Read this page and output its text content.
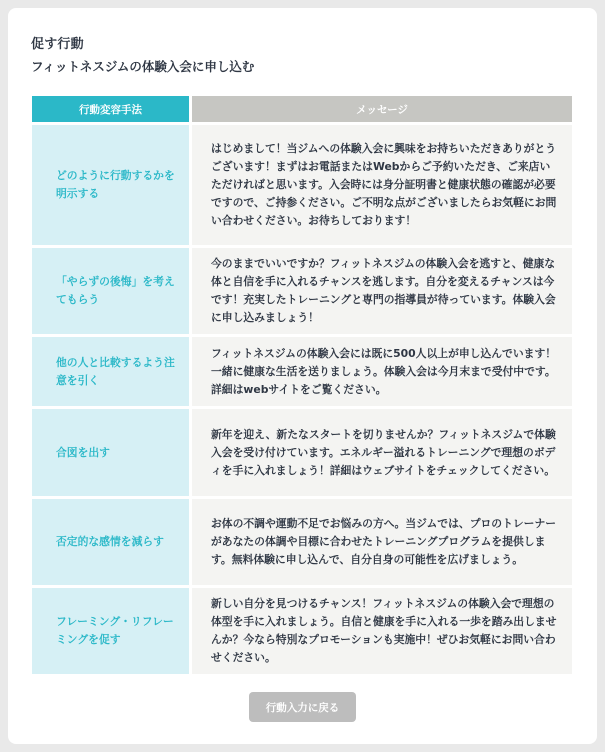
促す行動
フィットネスジムの体験入会に申し込む
行動変容手法	メッセージ
どのように行動するかを明示する	はじめまして！当ジムへの体験入会に興味をお持ちいただきありがとうございます！まずはお電話またはWebからご予約いただき、ご来店いただければと思います。入会時には身分証明書と健康状態の確認が必要ですので、ご持参ください。ご不明な点がございましたらお気軽にお問い合わせください。お待ちしております！
「やらずの後悔」を考えてもらう	今のままでいいですか？フィットネスジムの体験入会を逃すと、健康な体と自信を手に入れるチャンスを逃します。自分を変えるチャンスは今です！充実したトレーニングと専門の指導員が待っています。体験入会に申し込みましょう！
他の人と比較するよう注意を引く	フィットネスジムの体験入会には既に500人以上が申し込んでいます！一緒に健康な生活を送りましょう。体験入会は今月末まで受付中です。詳細はwebサイトをご覧ください。
合図を出す	新年を迎え、新たなスタートを切りませんか？フィットネスジムで体験入会を受け付けています。エネルギー溢れるトレーニングで理想のボディを手に入れましょう！詳細はウェブサイトをチェックしてください。
否定的な感情を減らす	お体の不調や運動不足でお悩みの方へ。当ジムでは、プロのトレーナーがあなたの体調や目標に合わせたトレーニングプログラムを提供します。無料体験に申し込んで、自分自身の可能性を広げましょう。
フレーミング・リフレーミングを促す	新しい自分を見つけるチャンス！フィットネスジムの体験入会で理想の体型を手に入れましょう。自信と健康を手に入れる一歩を踏み出しませんか？今なら特別なプロモーションも実施中！ぜひお気軽にお問い合わせください。
行動入力に戻る
